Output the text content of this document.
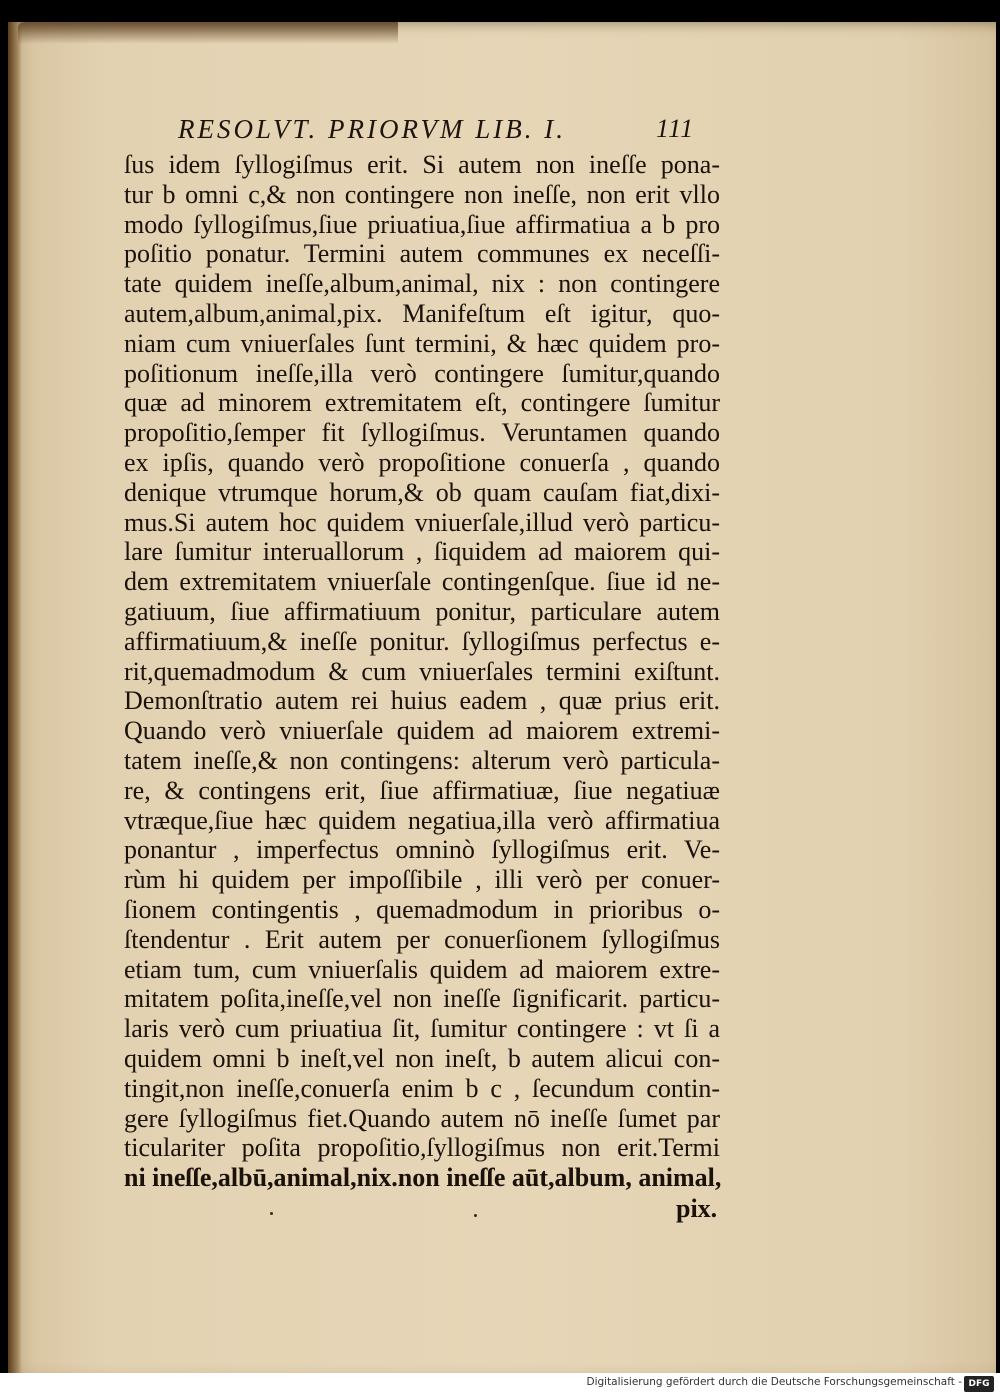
RESOLVT. PRIORVM LIB. I.	111
ſus idem ſyllogiſmus erit. Si autem non ineſſe pona-
tur b omni c,& non contingere non ineſſe, non erit vllo
modo ſyllogiſmus,ſiue priuatiua,ſiue affirmatiua a b pro
poſitio ponatur. Termini autem communes ex neceſſi-
tate quidem ineſſe,album,animal, nix : non contingere
autem,album,animal,pix. Manifeſtum eſt igitur, quo-
niam cum vniuerſales ſunt termini, & hæc quidem pro-
poſitionum ineſſe,illa verò contingere ſumitur,quando
quæ ad minorem extremitatem eſt, contingere ſumitur
propoſitio,ſemper fit ſyllogiſmus. Veruntamen quando
ex ipſis, quando verò propoſitione conuerſa , quando
denique vtrumque horum,& ob quam cauſam fiat,dixi-
mus.Si autem hoc quidem vniuerſale,illud verò particu-
lare ſumitur interuallorum , ſiquidem ad maiorem qui-
dem extremitatem vniuerſale contingenſque. ſiue id ne-
gatiuum, ſiue affirmatiuum ponitur, particulare autem
affirmatiuum,& ineſſe ponitur. ſyllogiſmus perfectus e-
rit,quemadmodum & cum vniuerſales termini exiſtunt.
Demonſtratio autem rei huius eadem , quæ prius erit.
Quando verò vniuerſale quidem ad maiorem extremi-
tatem ineſſe,& non contingens: alterum verò particula-
re, & contingens erit, ſiue affirmatiuæ, ſiue negatiuæ
vtræque,ſiue hæc quidem negatiua,illa verò affirmatiua
ponantur , imperfectus omninò ſyllogiſmus erit. Ve-
rùm hi quidem per impoſſibile , illi verò per conuer-
ſionem contingentis , quemadmodum in prioribus o-
ſtendentur . Erit autem per conuerſionem ſyllogiſmus
etiam tum, cum vniuerſalis quidem ad maiorem extre-
mitatem poſita,ineſſe,vel non ineſſe ſignificarit. particu-
laris verò cum priuatiua ſit, ſumitur contingere : vt ſi a
quidem omni b ineſt,vel non ineſt, b autem alicui con-
tingit,non ineſſe,conuerſa enim b c , ſecundum contin-
gere ſyllogiſmus fiet.Quando autem nō ineſſe ſumet par
ticulariter poſita propoſitio,ſyllogiſmus non erit.Termi
ni ineſſe,albū,animal,nix.non ineſſe aūt,album, animal,
pix.
Digitalisierung gefördert durch die Deutsche Forschungsgemeinschaft - DFG
